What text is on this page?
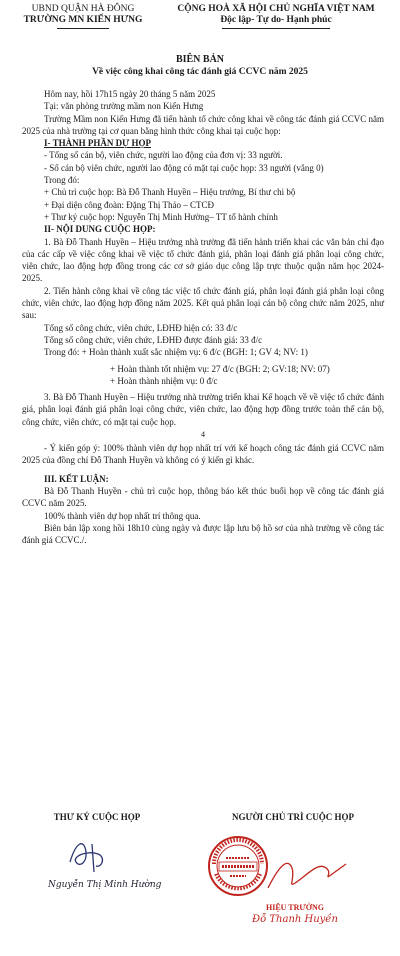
UBND QUẬN HÀ ĐÔNG
TRƯỜNG MN KIẾN HƯNG
CỘNG HOÀ XÃ HỘI CHỦ NGHĨA VIỆT NAM
Độc lập- Tự do- Hạnh phúc
BIÊN BẢN
Về việc công khai công tác đánh giá CCVC năm 2025

Hôm nay, hồi 17h15 ngày 20 tháng 5 năm 2025

Tại: văn phòng trường mầm non Kiến Hưng

Trường Mầm non Kiến Hưng đã tiến hành tổ chức công khai về công tác đánh giá CCVC năm 2025 của nhà trường tại cơ quan bằng hình thức công khai tại cuộc họp:

I- THÀNH PHẦN DỰ HỌP

- Tổng số cán bộ, viên chức, người lao động của đơn vị: 33 người.

- Số cán bộ viên chức, người lao động có mặt tại cuộc họp: 33 người (vắng 0)

Trong đó:

+ Chủ trì cuộc họp: Bà Đỗ Thanh Huyền – Hiệu trưởng, Bí thư chi bộ

+ Đại diện công đoàn: Đặng Thị Thảo – CTCĐ

+ Thư ký cuộc họp: Nguyễn Thị Minh Hường– TT tổ hành chính

II- NỘI DUNG CUỘC HỌP:

1. Bà Đỗ Thanh Huyền – Hiệu trưởng nhà trường đã tiến hành triển khai các văn bản chỉ đạo của các cấp về việc công khai về việc tổ chức đánh giá, phân loại đánh giá phân loại công chức, viên chức, lao động hợp đồng trong các cơ sở giáo dục công lập trực thuộc quận năm học 2024-2025.

2. Tiến hành công khai về công tác việc tổ chức đánh giá, phân loại đánh giá phân loại công chức, viên chức, lao động hợp đồng năm 2025. Kết quả phân loại cán bộ công chức năm 2025, như sau:

Tổng số công chức, viên chức, LĐHĐ hiện có: 33 đ/c

Tổng số công chức, viên chức, LĐHĐ được đánh giá: 33 đ/c

Trong đó: + Hoàn thành xuất sắc nhiệm vụ: 6 đ/c (BGH: 1; GV 4; NV: 1)

+ Hoàn thành tốt nhiệm vụ: 27 đ/c (BGH: 2; GV:18; NV: 07)

+ Hoàn thành nhiệm vụ: 0 đ/c

3. Bà Đỗ Thanh Huyền – Hiệu trưởng nhà trường triển khai Kế hoạch về về việc tổ chức đánh giá, phân loại đánh giá phân loại công chức, viên chức, lao động hợp đồng trước toàn thể cán bộ, công chức, viên chức, có mặt tại cuộc họp.

4

- Ý kiến góp ý: 100% thành viên dự họp nhất trí với kế hoạch công tác đánh giá CCVC năm 2025 của đồng chí Đỗ Thanh Huyền và không có ý kiến gì khác.

III. KẾT LUẬN:

Bà Đỗ Thanh Huyền - chủ trì cuộc họp, thông báo kết thúc buổi họp về công tác đánh giá CCVC năm 2025.

100% thành viên dự họp nhất trí thông qua.

Biên bản lập xong hồi 18h10 cùng ngày và được lập lưu bộ hồ sơ của nhà trường về công tác đánh giá CCVC./.

THƯ KÝ CUỘC HỌP	NGƯỜI CHỦ TRÌ CUỘC HỌP
Nguyễn Thị Minh Hường
HIỆU TRƯỞNG
Đỗ Thanh Huyền
